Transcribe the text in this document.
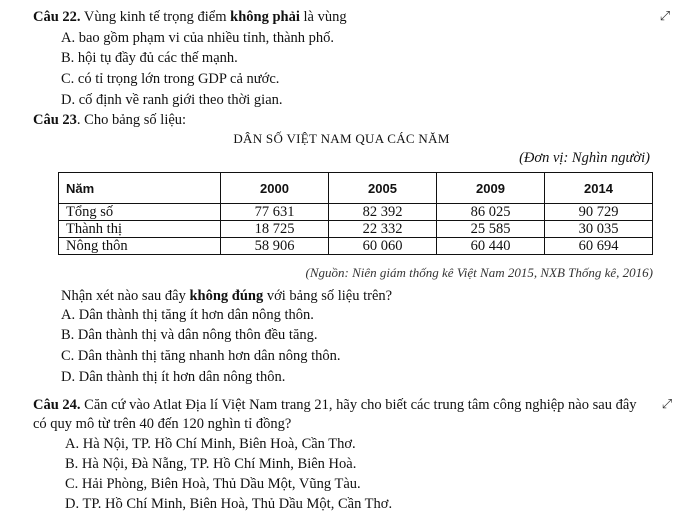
Câu 22. Vùng kinh tế trọng điểm không phải là vùng	⤢
A. bao gồm phạm vi của nhiều tỉnh, thành phố.
B. hội tụ đầy đủ các thế mạnh.
C. có tỉ trọng lớn trong GDP cả nước.
D. cố định về ranh giới theo thời gian.
Câu 23. Cho bảng số liệu:
DÂN SỐ VIỆT NAM QUA CÁC NĂM
(Đơn vị: Nghìn người)
Năm	2000	2005	2009	2014
Tổng số	77 631	82 392	86 025	90 729
Thành thị	18 725	22 332	25 585	30 035
Nông thôn	58 906	60 060	60 440	60 694
(Nguồn: Niên giám thống kê Việt Nam 2015, NXB Thống kê, 2016)
Nhận xét nào sau đây không đúng với bảng số liệu trên?
A. Dân thành thị tăng ít hơn dân nông thôn.
B. Dân thành thị và dân nông thôn đều tăng.
C. Dân thành thị tăng nhanh hơn dân nông thôn.
D. Dân thành thị ít hơn dân nông thôn.
Câu 24. Căn cứ vào Atlat Địa lí Việt Nam trang 21, hãy cho biết các trung tâm công nghiệp nào sau đây	⤢
có quy mô từ trên 40 đến 120 nghìn tỉ đồng?
A. Hà Nội, TP. Hồ Chí Minh, Biên Hoà, Cần Thơ.
B. Hà Nội, Đà Nẵng, TP. Hồ Chí Minh, Biên Hoà.
C. Hải Phòng, Biên Hoà, Thủ Dầu Một, Vũng Tàu.
D. TP. Hồ Chí Minh, Biên Hoà, Thủ Dầu Một, Cần Thơ.
